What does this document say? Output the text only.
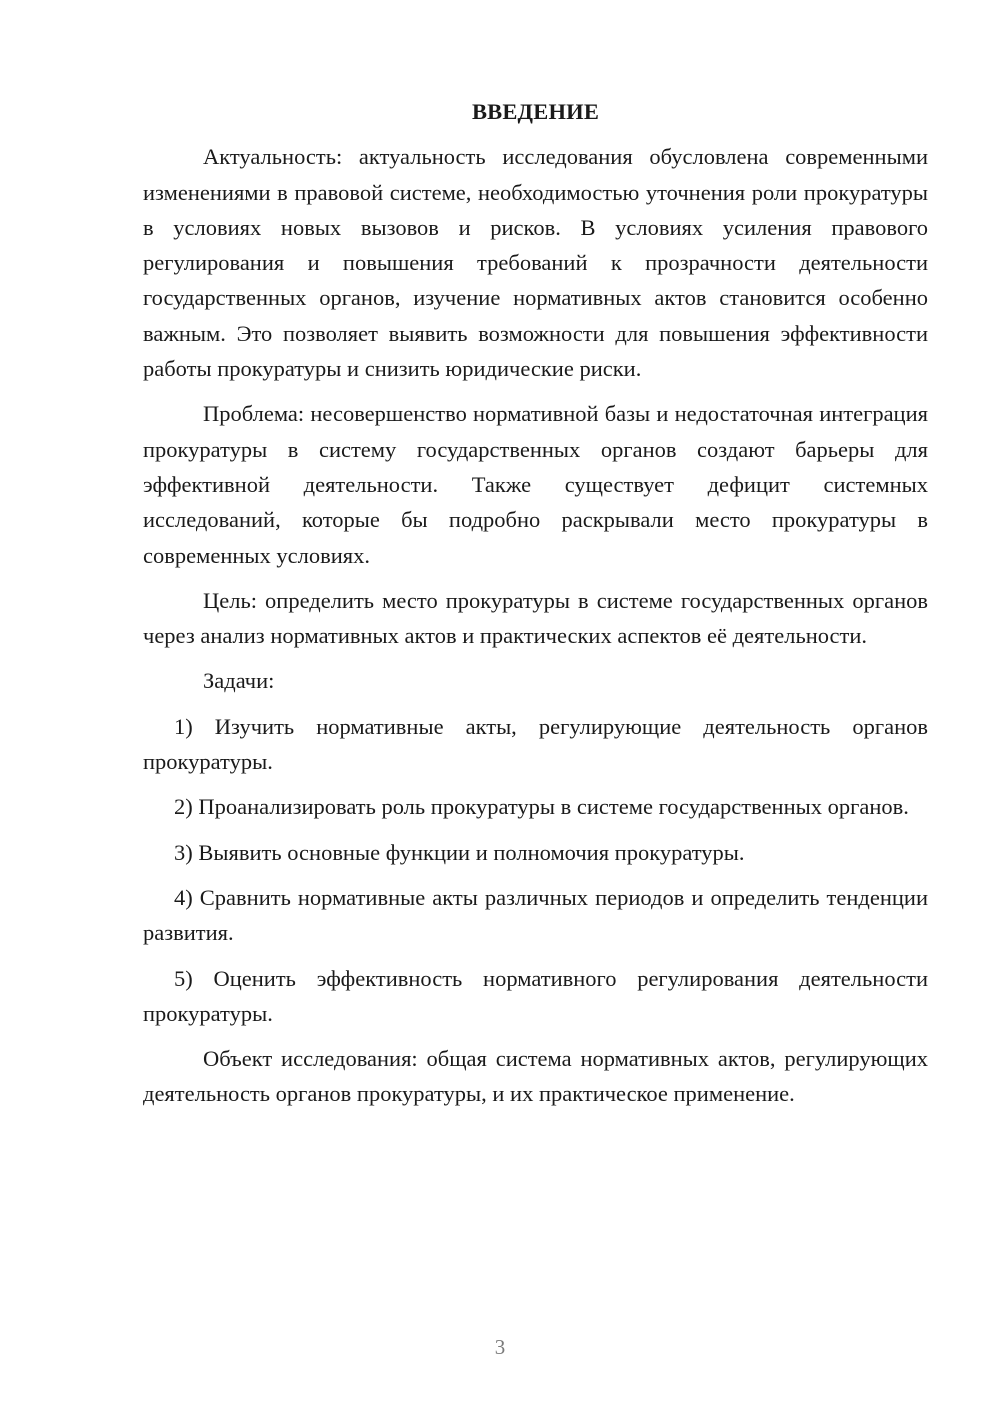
ВВЕДЕНИЕ

Актуальность: актуальность исследования обусловлена современными изменениями в правовой системе, необходимостью уточнения роли прокуратуры в условиях новых вызовов и рисков. В условиях усиления правового регулирования и повышения требований к прозрачности деятельности государственных органов, изучение нормативных актов становится особенно важным. Это позволяет выявить возможности для повышения эффективности работы прокуратуры и снизить юридические риски.

Проблема: несовершенство нормативной базы и недостаточная интеграция прокуратуры в систему государственных органов создают барьеры для эффективной деятельности. Также существует дефицит системных исследований, которые бы подробно раскрывали место прокуратуры в современных условиях.

Цель: определить место прокуратуры в системе государственных органов через анализ нормативных актов и практических аспектов её деятельности.

Задачи:

1) Изучить нормативные акты, регулирующие деятельность органов прокуратуры.

2) Проанализировать роль прокуратуры в системе государственных органов.

3) Выявить основные функции и полномочия прокуратуры.

4) Сравнить нормативные акты различных периодов и определить тенденции развития.

5) Оценить эффективность нормативного регулирования деятельности прокуратуры.

Объект исследования: общая система нормативных актов, регулирующих деятельность органов прокуратуры, и их практическое применение.

3
